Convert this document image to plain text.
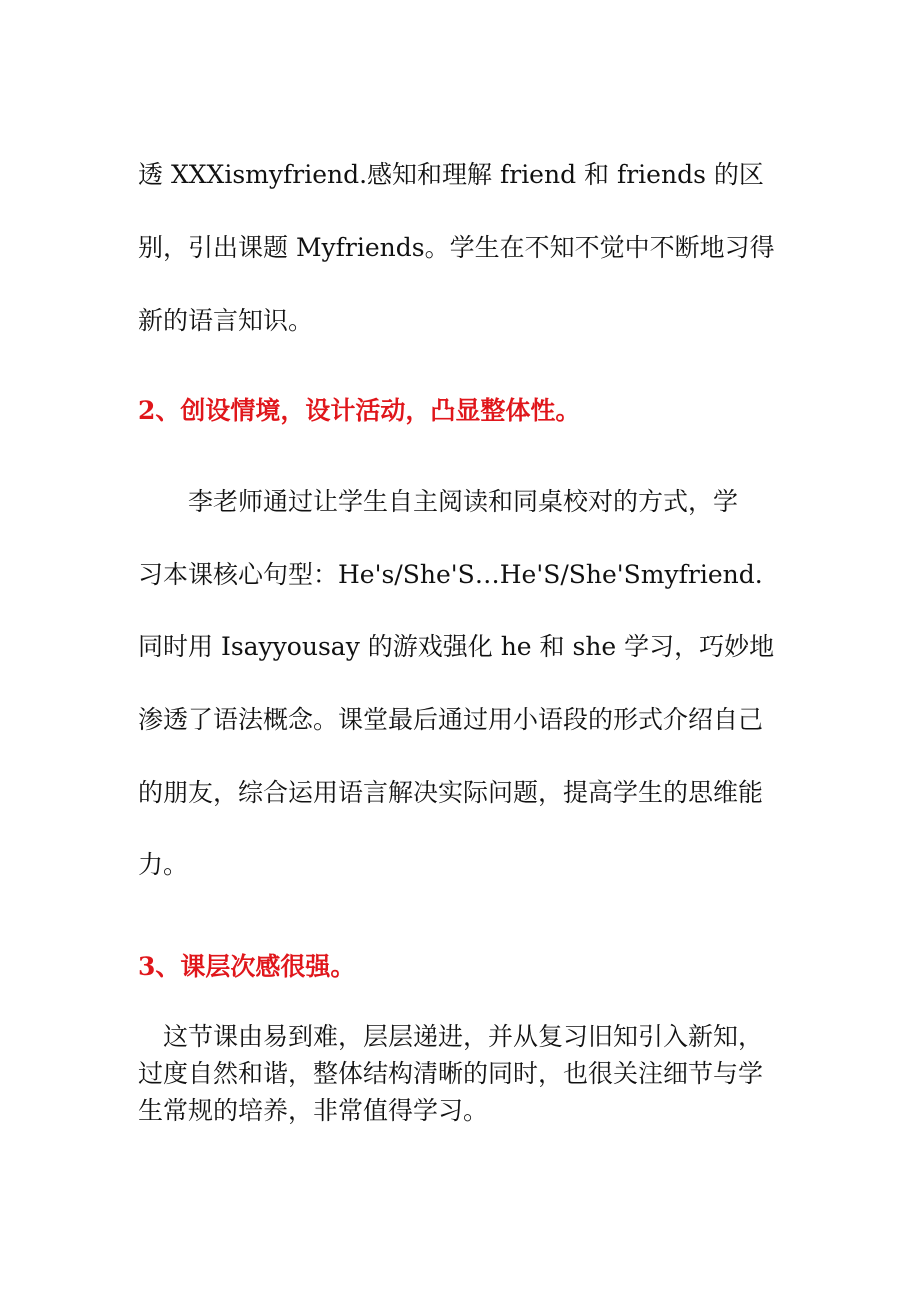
透 XXXismyfriend.感知和理解 friend 和 friends 的区
别，引出课题 Myfriends。学生在不知不觉中不断地习得
新的语言知识。
2、创设情境，设计活动，凸显整体性。
　　李老师通过让学生自主阅读和同桌校对的方式，学
习本课核心句型：He's/She'S…He'S/She'Smyfriend.
同时用 Isayyousay 的游戏强化 he 和 she 学习，巧妙地
渗透了语法概念。课堂最后通过用小语段的形式介绍自己
的朋友，综合运用语言解决实际问题，提高学生的思维能
力。
3、课层次感很强。
　这节课由易到难，层层递进，并从复习旧知引入新知，
过度自然和谐，整体结构清晰的同时，也很关注细节与学
生常规的培养，非常值得学习。
